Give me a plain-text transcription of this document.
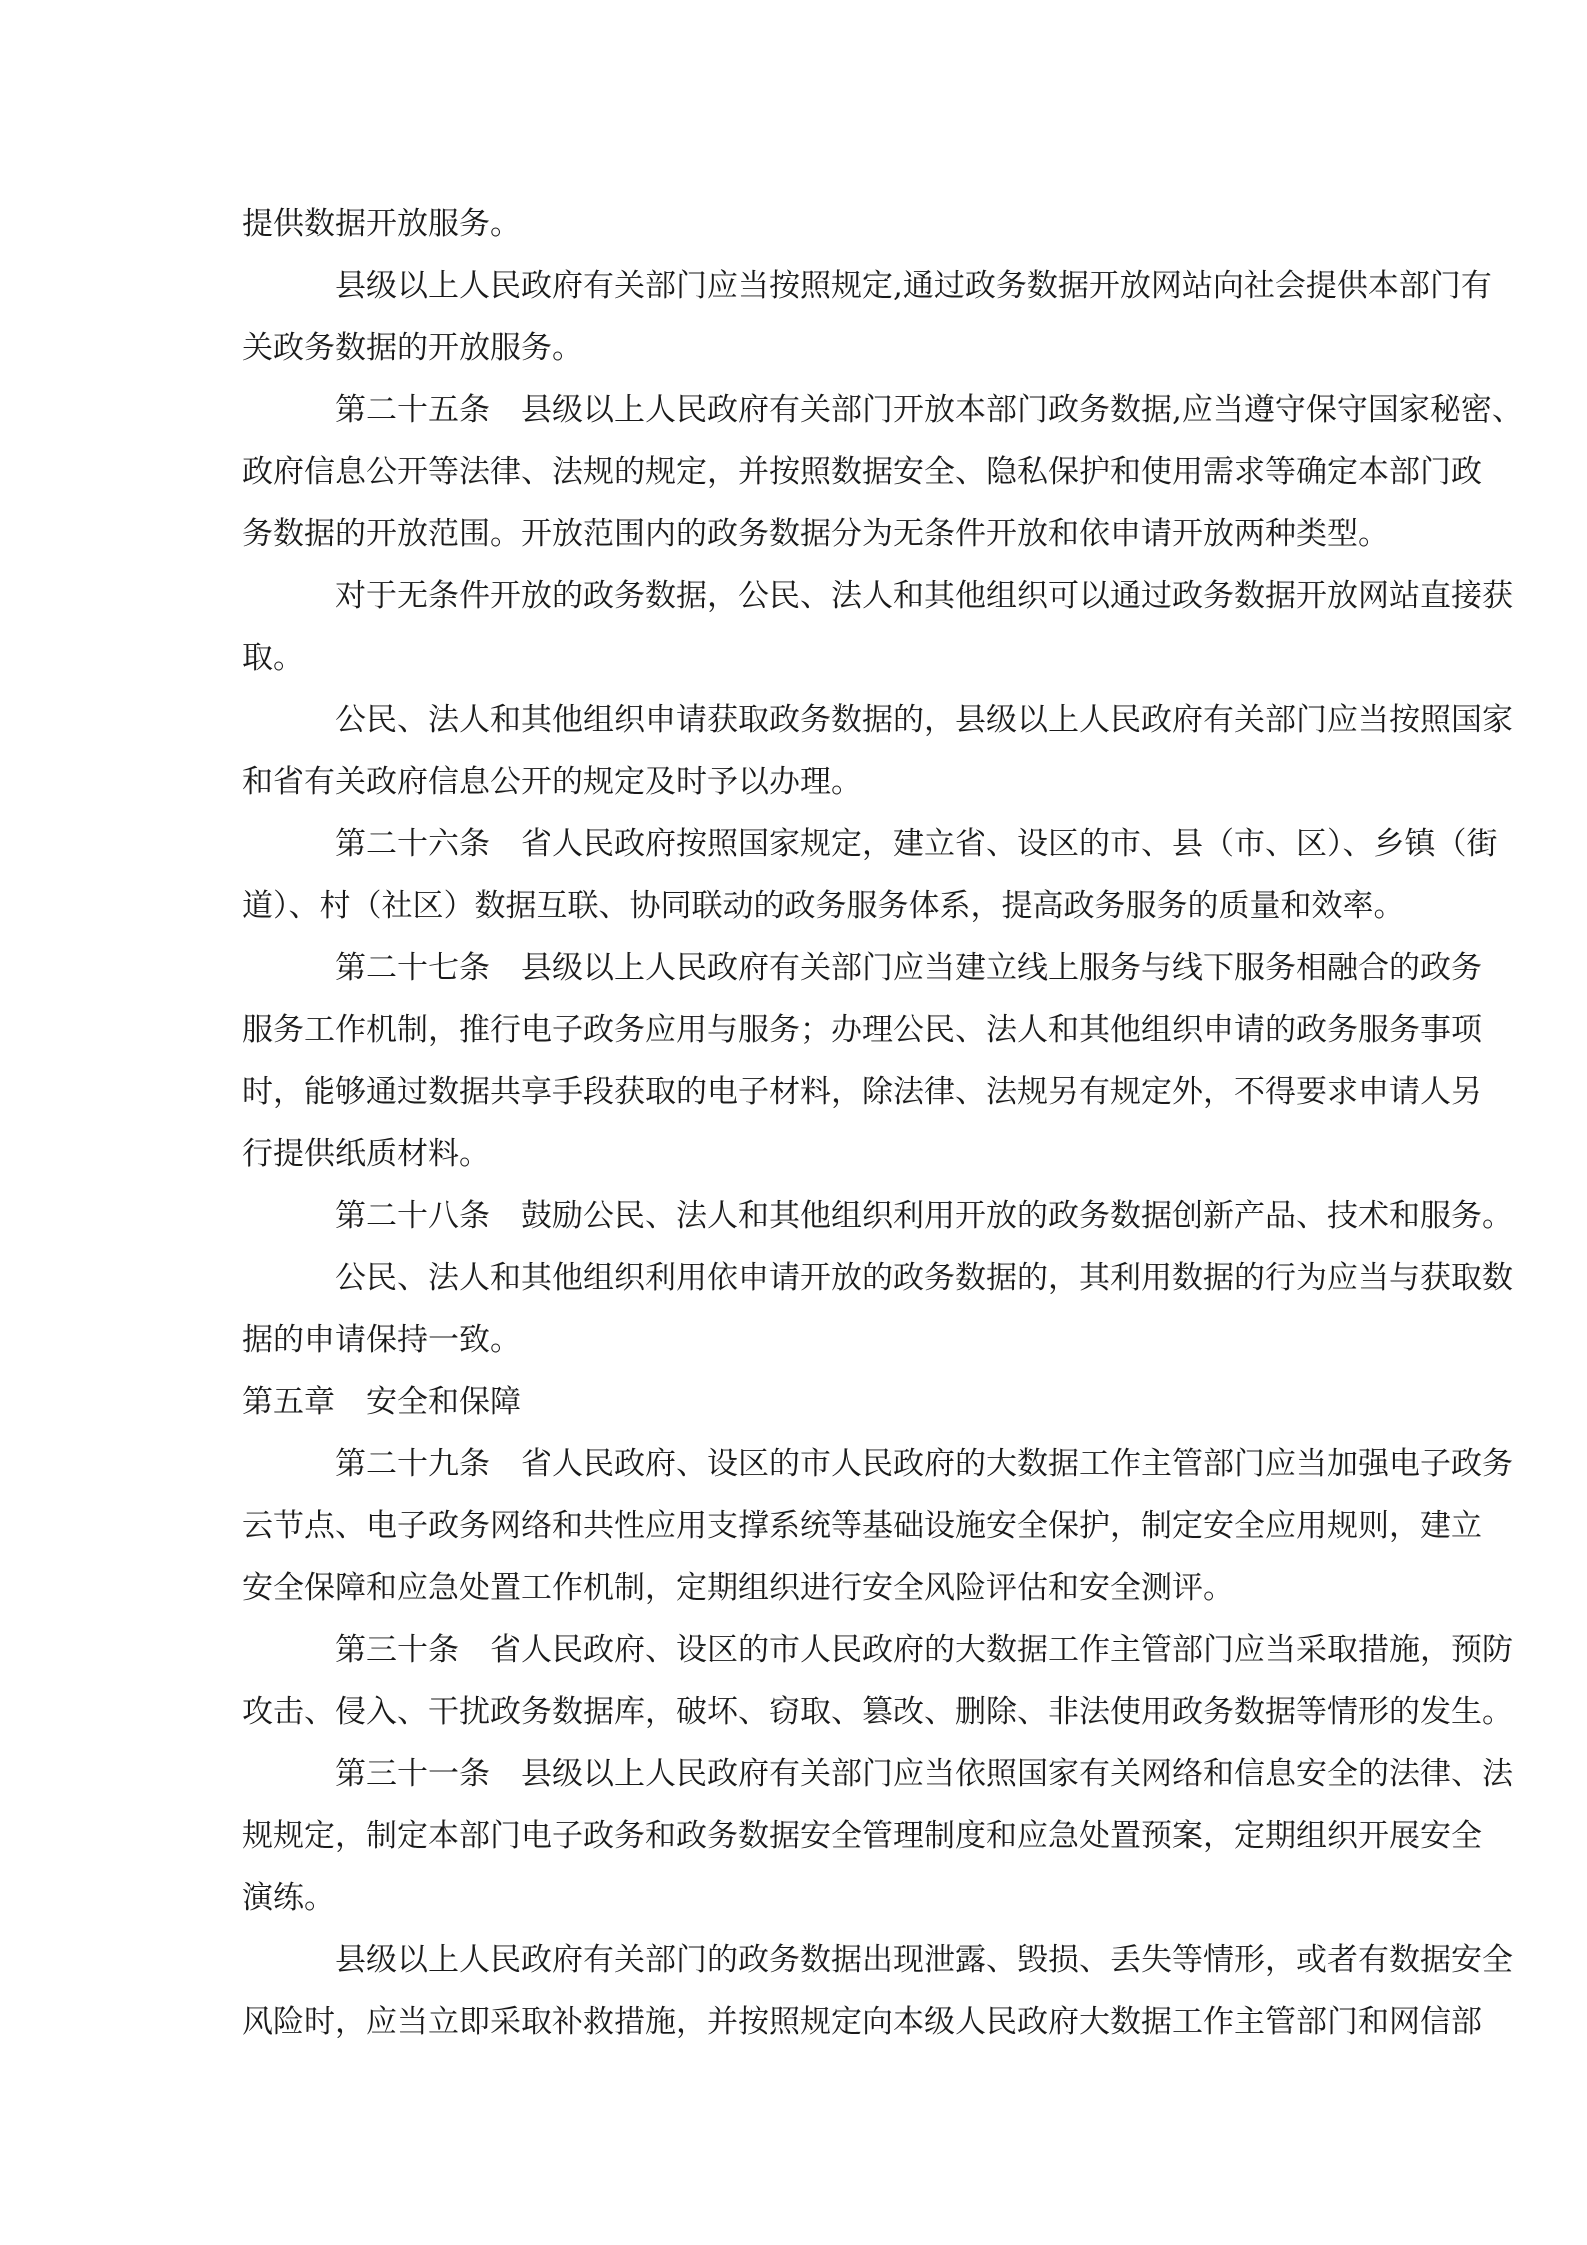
提供数据开放服务。
县级以上人民政府有关部门应当按照规定,通过政务数据开放网站向社会提供本部门有
关政务数据的开放服务。
第二十五条　县级以上人民政府有关部门开放本部门政务数据,应当遵守保守国家秘密、
政府信息公开等法律、法规的规定，并按照数据安全、隐私保护和使用需求等确定本部门政
务数据的开放范围。开放范围内的政务数据分为无条件开放和依申请开放两种类型。
对于无条件开放的政务数据，公民、法人和其他组织可以通过政务数据开放网站直接获
取。
公民、法人和其他组织申请获取政务数据的，县级以上人民政府有关部门应当按照国家
和省有关政府信息公开的规定及时予以办理。
第二十六条　省人民政府按照国家规定，建立省、设区的市、县（市、区）、乡镇（街
道）、村（社区）数据互联、协同联动的政务服务体系，提高政务服务的质量和效率。
第二十七条　县级以上人民政府有关部门应当建立线上服务与线下服务相融合的政务
服务工作机制，推行电子政务应用与服务；办理公民、法人和其他组织申请的政务服务事项
时，能够通过数据共享手段获取的电子材料，除法律、法规另有规定外，不得要求申请人另
行提供纸质材料。
第二十八条　鼓励公民、法人和其他组织利用开放的政务数据创新产品、技术和服务。
公民、法人和其他组织利用依申请开放的政务数据的，其利用数据的行为应当与获取数
据的申请保持一致。
第五章　安全和保障
第二十九条　省人民政府、设区的市人民政府的大数据工作主管部门应当加强电子政务
云节点、电子政务网络和共性应用支撑系统等基础设施安全保护，制定安全应用规则，建立
安全保障和应急处置工作机制，定期组织进行安全风险评估和安全测评。
第三十条　省人民政府、设区的市人民政府的大数据工作主管部门应当采取措施，预防
攻击、侵入、干扰政务数据库，破坏、窃取、篡改、删除、非法使用政务数据等情形的发生。
第三十一条　县级以上人民政府有关部门应当依照国家有关网络和信息安全的法律、法
规规定，制定本部门电子政务和政务数据安全管理制度和应急处置预案，定期组织开展安全
演练。
县级以上人民政府有关部门的政务数据出现泄露、毁损、丢失等情形，或者有数据安全
风险时，应当立即采取补救措施，并按照规定向本级人民政府大数据工作主管部门和网信部
